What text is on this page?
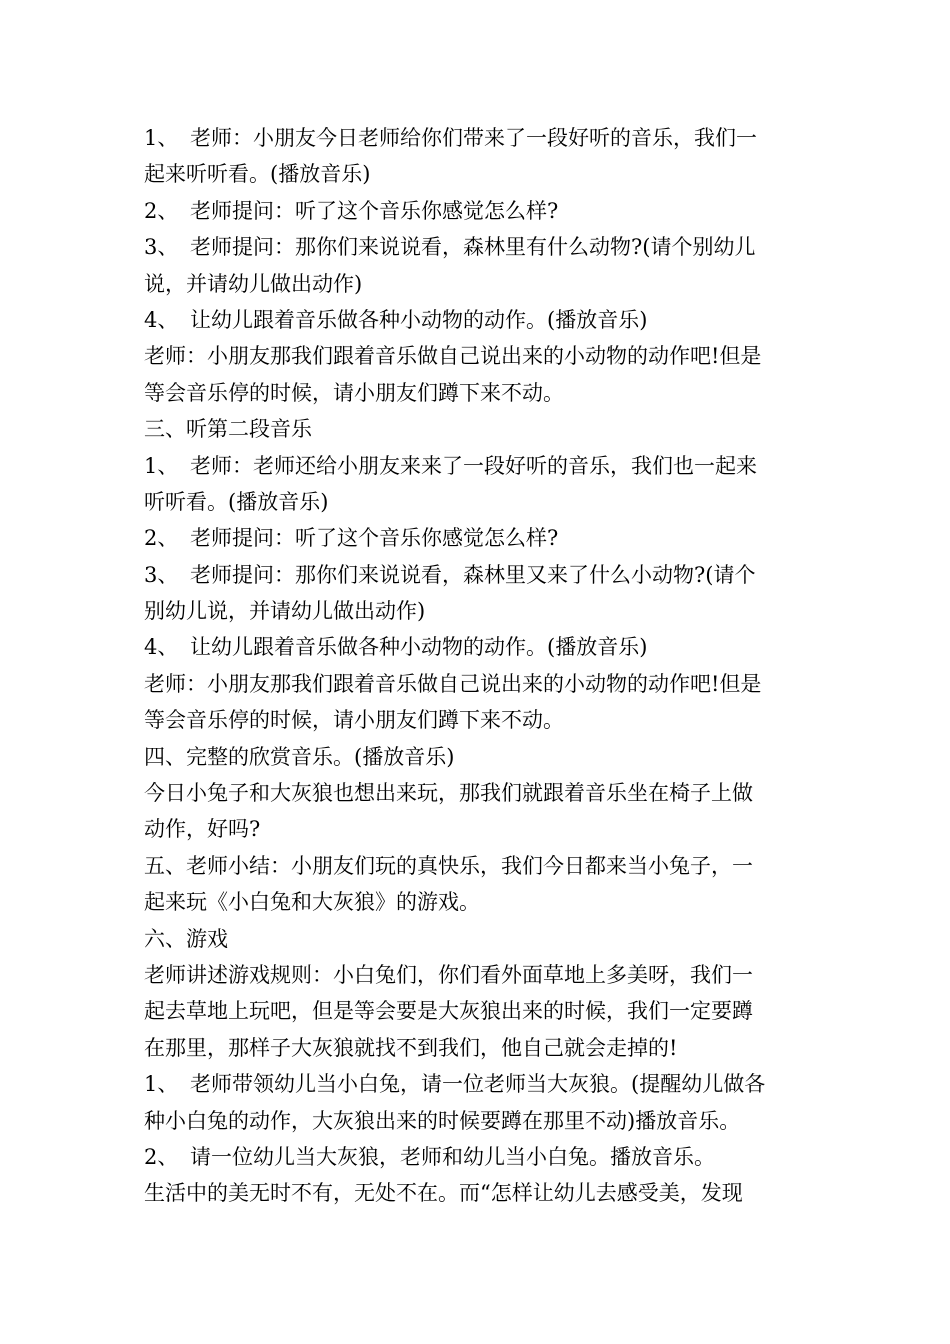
1、 老师：小朋友今日老师给你们带来了一段好听的音乐，我们一
起来听听看。(播放音乐)
2、 老师提问：听了这个音乐你感觉怎么样?
3、 老师提问：那你们来说说看，森林里有什么动物?(请个别幼儿
说，并请幼儿做出动作)
4、 让幼儿跟着音乐做各种小动物的动作。(播放音乐)
老师：小朋友那我们跟着音乐做自己说出来的小动物的动作吧!但是
等会音乐停的时候，请小朋友们蹲下来不动。
三、听第二段音乐
1、 老师：老师还给小朋友来来了一段好听的音乐，我们也一起来
听听看。(播放音乐)
2、 老师提问：听了这个音乐你感觉怎么样?
3、 老师提问：那你们来说说看，森林里又来了什么小动物?(请个
别幼儿说，并请幼儿做出动作)
4、 让幼儿跟着音乐做各种小动物的动作。(播放音乐)
老师：小朋友那我们跟着音乐做自己说出来的小动物的动作吧!但是
等会音乐停的时候，请小朋友们蹲下来不动。
四、完整的欣赏音乐。(播放音乐)
今日小兔子和大灰狼也想出来玩，那我们就跟着音乐坐在椅子上做
动作，好吗?
五、老师小结：小朋友们玩的真快乐，我们今日都来当小兔子，一
起来玩《小白兔和大灰狼》的游戏。
六、游戏
老师讲述游戏规则：小白兔们，你们看外面草地上多美呀，我们一
起去草地上玩吧，但是等会要是大灰狼出来的时候，我们一定要蹲
在那里，那样子大灰狼就找不到我们，他自己就会走掉的!
1、 老师带领幼儿当小白兔，请一位老师当大灰狼。(提醒幼儿做各
种小白兔的动作，大灰狼出来的时候要蹲在那里不动)播放音乐。
2、 请一位幼儿当大灰狼，老师和幼儿当小白兔。播放音乐。
生活中的美无时不有，无处不在。而“怎样让幼儿去感受美，发现
